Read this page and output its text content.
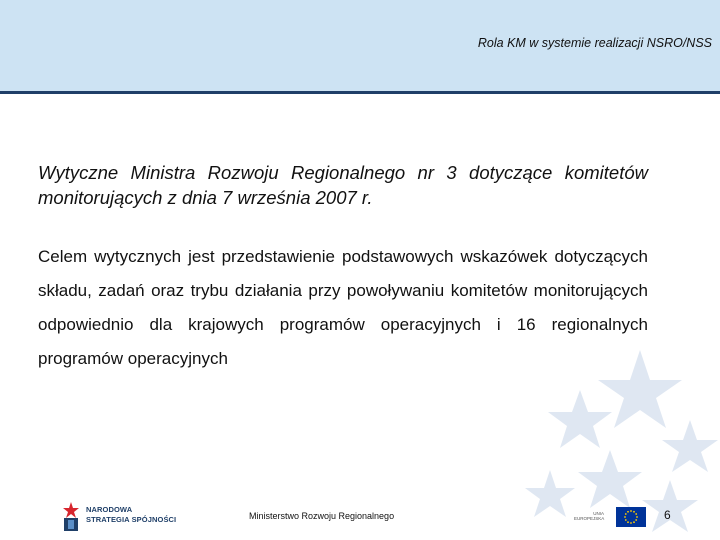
Rola KM w systemie realizacji NSRO/NSS
Wytyczne Ministra Rozwoju Regionalnego nr 3 dotyczące komitetów monitorujących z dnia 7 września 2007 r.
Celem wytycznych jest przedstawienie podstawowych wskazówek dotyczących składu, zadań oraz trybu działania przy powoływaniu komitetów monitorujących odpowiednio dla krajowych programów operacyjnych i 16 regionalnych programów operacyjnych
NARODOWA
STRATEGIA SPÓJNOŚCI	Ministerstwo Rozwoju Regionalnego	UNIA
EUROPEJSKA	6
